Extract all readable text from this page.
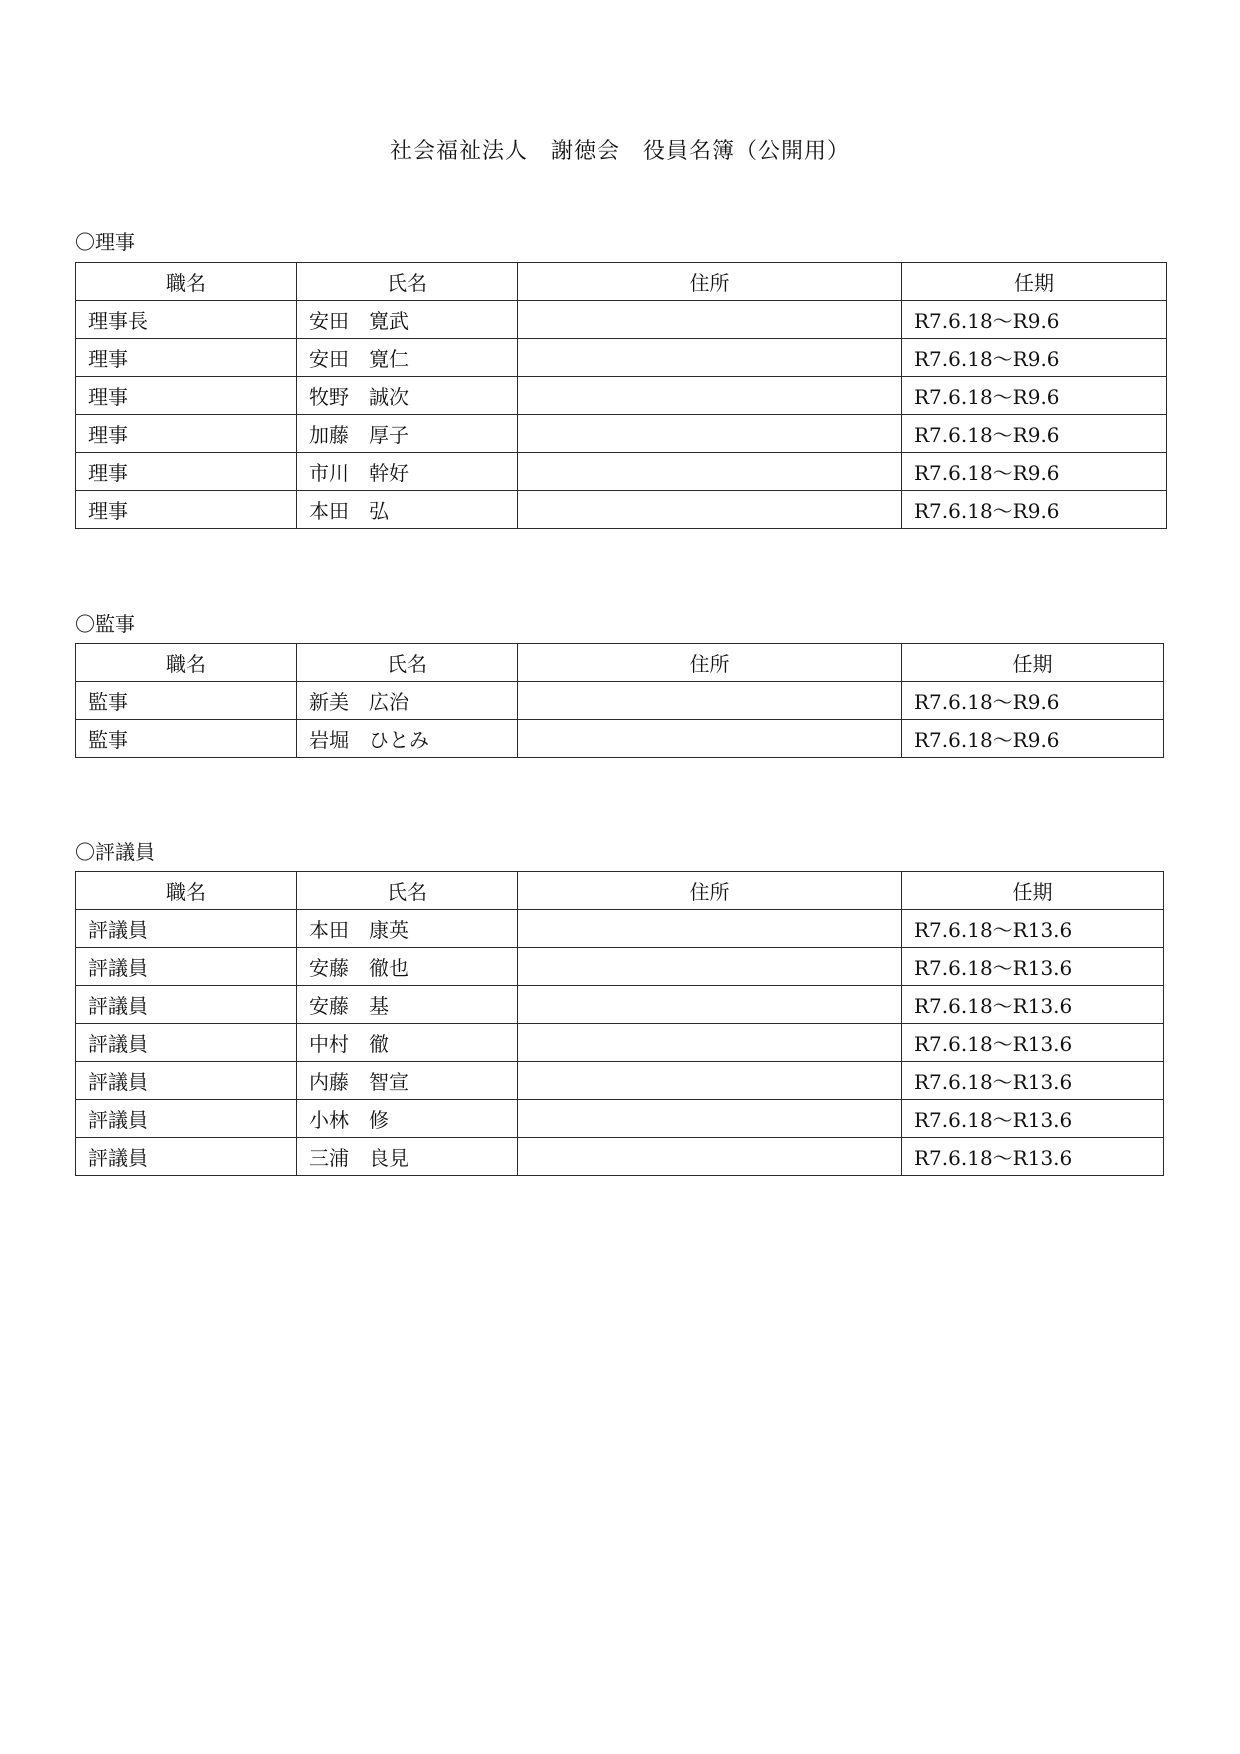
社会福祉法人　謝徳会　役員名簿（公開用）
〇理事
職名	氏名	住所	任期
理事長	安田　寛武		R7.6.18〜R9.6
理事	安田　寛仁		R7.6.18〜R9.6
理事	牧野　誠次		R7.6.18〜R9.6
理事	加藤　厚子		R7.6.18〜R9.6
理事	市川　幹好		R7.6.18〜R9.6
理事	本田　弘		R7.6.18〜R9.6
〇監事
職名	氏名	住所	任期
監事	新美　広治		R7.6.18〜R9.6
監事	岩堀　ひとみ		R7.6.18〜R9.6
〇評議員
職名	氏名	住所	任期
評議員	本田　康英		R7.6.18〜R13.6
評議員	安藤　徹也		R7.6.18〜R13.6
評議員	安藤　基		R7.6.18〜R13.6
評議員	中村　徹		R7.6.18〜R13.6
評議員	内藤　智宣		R7.6.18〜R13.6
評議員	小林　修		R7.6.18〜R13.6
評議員	三浦　良見		R7.6.18〜R13.6
